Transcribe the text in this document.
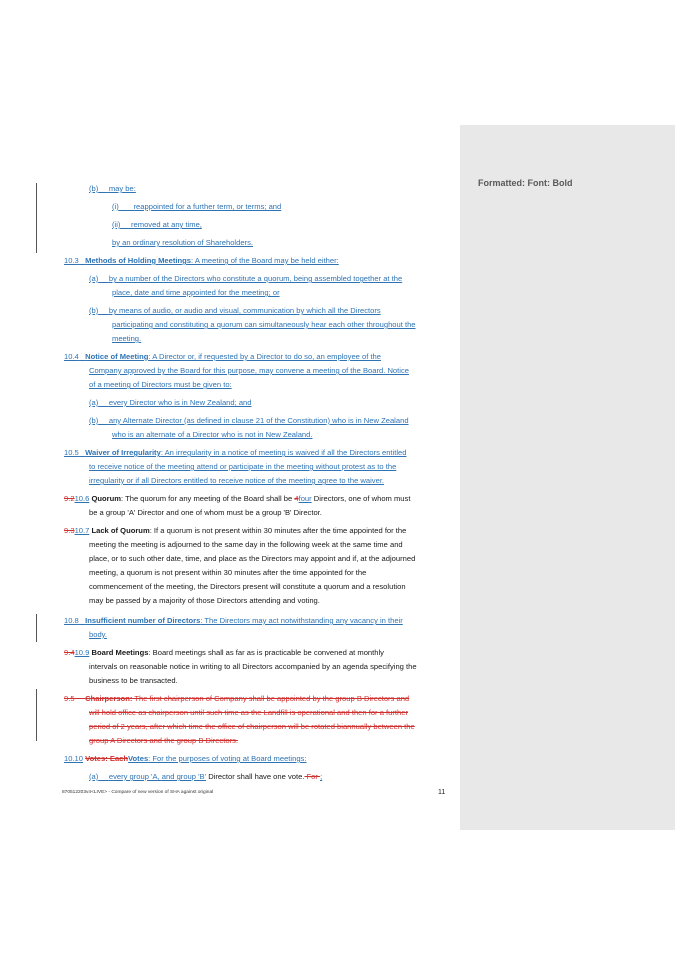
(b) may be:
(i) reappointed for a further term, or terms; and
(ii) removed at any time,
by an ordinary resolution of Shareholders.
10.3 Methods of Holding Meetings: A meeting of the Board may be held either:
(a) by a number of the Directors who constitute a quorum, being assembled together at the
place, date and time appointed for the meeting; or
(b) by means of audio, or audio and visual, communication by which all the Directors
participating and constituting a quorum can simultaneously hear each other throughout the
meeting.
10.4 Notice of Meeting: A Director or, if requested by a Director to do so, an employee of the
Company approved by the Board for this purpose, may convene a meeting of the Board. Notice
of a meeting of Directors must be given to:
(a) every Director who is in New Zealand; and
(b) any Alternate Director (as defined in clause 21 of the Constitution) who is in New Zealand
who is an alternate of a Director who is not in New Zealand.
10.5 Waiver of Irregularity: An irregularity in a notice of meeting is waived if all the Directors entitled
to receive notice of the meeting attend or participate in the meeting without protest as to the
irregularity or if all Directors entitled to receive notice of the meeting agree to the waiver.
9.210.6 Quorum: The quorum for any meeting of the Board shall be 4four Directors, one of whom must
be a group 'A' Director and one of whom must be a group 'B' Director.
9.310.7 Lack of Quorum: If a quorum is not present within 30 minutes after the time appointed for the
meeting the meeting is adjourned to the same day in the following week at the same time and
place, or to such other date, time, and place as the Directors may appoint and if, at the adjourned
meeting, a quorum is not present within 30 minutes after the time appointed for the
commencement of the meeting, the Directors present will constitute a quorum and a resolution
may be passed by a majority of those Directors attending and voting.
10.8 Insufficient number of Directors: The Directors may act notwithstanding any vacancy in their
body.
9.410.9 Board Meetings: Board meetings shall as far as is practicable be convened at monthly
intervals on reasonable notice in writing to all Directors accompanied by an agenda specifying the
business to be transacted.
9.5 Chairperson: The first chairperson of Company shall be appointed by the group B Directors and
will hold office as chairperson until such time as the Landfill is operational and then for a further
period of 2 years, after which time the office of chairperson will be rotated biannually between the
group A Directors and the group B Directors.
10.10 Votes: EachVotes: For the purposes of voting at Board meetings:
(a) every group 'A, and group 'B' Director shall have one vote. For ;
870512203v4<LIVE> - Compare of new version of SHA against original	11
Formatted: Font: Bold
